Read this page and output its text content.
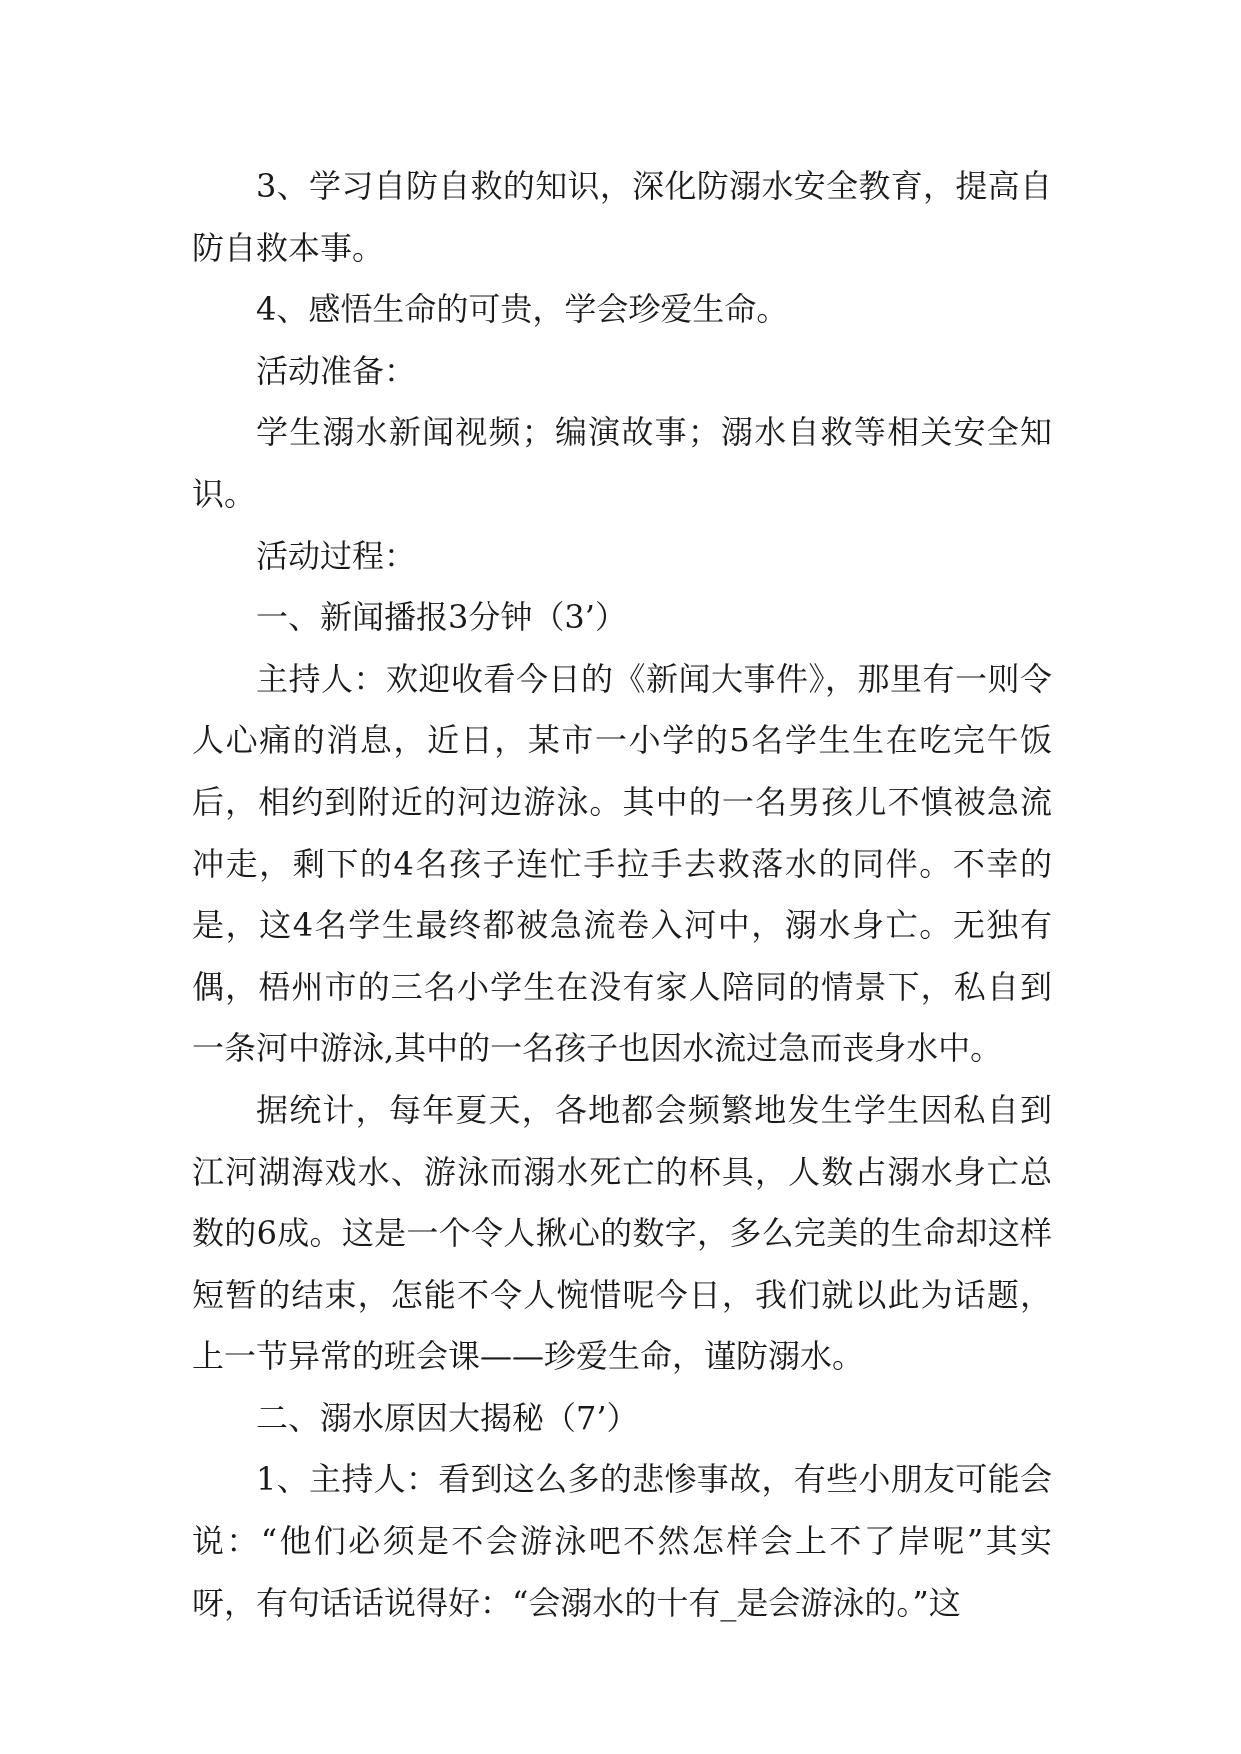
3、学习自防自救的知识，深化防溺水安全教育，提高自防自救本事。

4、感悟生命的可贵，学会珍爱生命。

活动准备：

学生溺水新闻视频；编演故事；溺水自救等相关安全知识。

活动过程：

一、新闻播报3分钟（3’）

主持人：欢迎收看今日的《新闻大事件》，那里有一则令人心痛的消息，近日，某市一小学的5名学生生在吃完午饭后，相约到附近的河边游泳。其中的一名男孩儿不慎被急流冲走，剩下的4名孩子连忙手拉手去救落水的同伴。不幸的是，这4名学生最终都被急流卷入河中，溺水身亡。无独有偶，梧州市的三名小学生在没有家人陪同的情景下，私自到一条河中游泳,其中的一名孩子也因水流过急而丧身水中。

据统计，每年夏天，各地都会频繁地发生学生因私自到江河湖海戏水、游泳而溺水死亡的杯具，人数占溺水身亡总数的6成。这是一个令人揪心的数字，多么完美的生命却这样短暂的结束，怎能不令人惋惜呢今日，我们就以此为话题，上一节异常的班会课——珍爱生命，谨防溺水。

二、溺水原因大揭秘（7’）

1、主持人：看到这么多的悲惨事故，有些小朋友可能会说：“他们必须是不会游泳吧不然怎样会上不了岸呢”其实呀，有句话话说得好：“会溺水的十有_是会游泳的。”这
